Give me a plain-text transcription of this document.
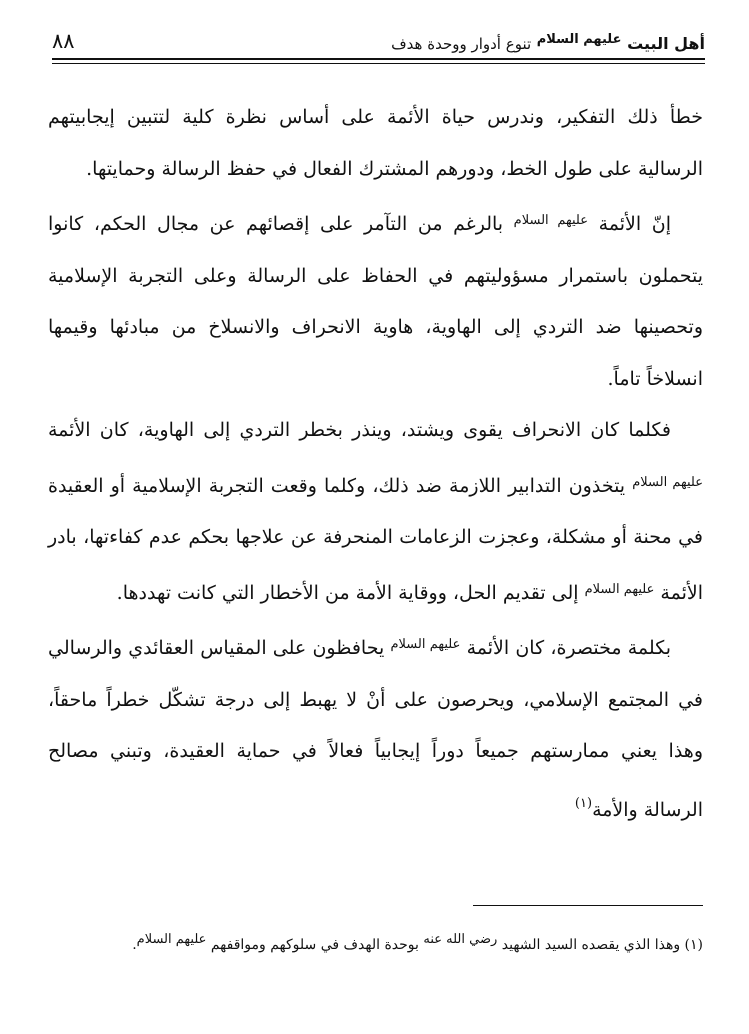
أهل البيت $^{عليهم السلام}$ تنوع أدوار ووحدة هدف
٨٨

خطأ ذلك التفكير، وندرس حياة الأئمة على أساس نظرة كلية لتتبين إيجابيتهم الرسالية على طول الخط، ودورهم المشترك الفعال في حفظ الرسالة وحمايتها.

إنّ الأئمة $^{عليهم السلام}$ بالرغم من التآمر على إقصائهم عن مجال الحكم، كانوا يتحملون باستمرار مسؤوليتهم في الحفاظ على الرسالة وعلى التجربة الإسلامية وتحصينها ضد التردي إلى الهاوية، هاوية الانحراف والانسلاخ من مبادئها وقيمها انسلاخاً تاماً.

فكلما كان الانحراف يقوى ويشتد، وينذر بخطر التردي إلى الهاوية، كان الأئمة $^{عليهم السلام}$ يتخذون التدابير اللازمة ضد ذلك، وكلما وقعت التجربة الإسلامية أو العقيدة في محنة أو مشكلة، وعجزت الزعامات المنحرفة عن علاجها بحكم عدم كفاءتها، بادر الأئمة $^{عليهم السلام}$ إلى تقديم الحل، ووقاية الأمة من الأخطار التي كانت تهددها.

بكلمة مختصرة، كان الأئمة $^{عليهم السلام}$ يحافظون على المقياس العقائدي والرسالي في المجتمع الإسلامي، ويحرصون على أنْ لا يهبط إلى درجة تشكّل خطراً ماحقاً، وهذا يعني ممارستهم جميعاً دوراً إيجابياً فعالاً في حماية العقيدة، وتبني مصالح الرسالة والأمة$^{(١)}$

(١) وهذا الذي يقصده السيد الشهيد رضي الله عنه بوحدة الهدف في سلوكهم ومواقفهم عليهم السلام.
